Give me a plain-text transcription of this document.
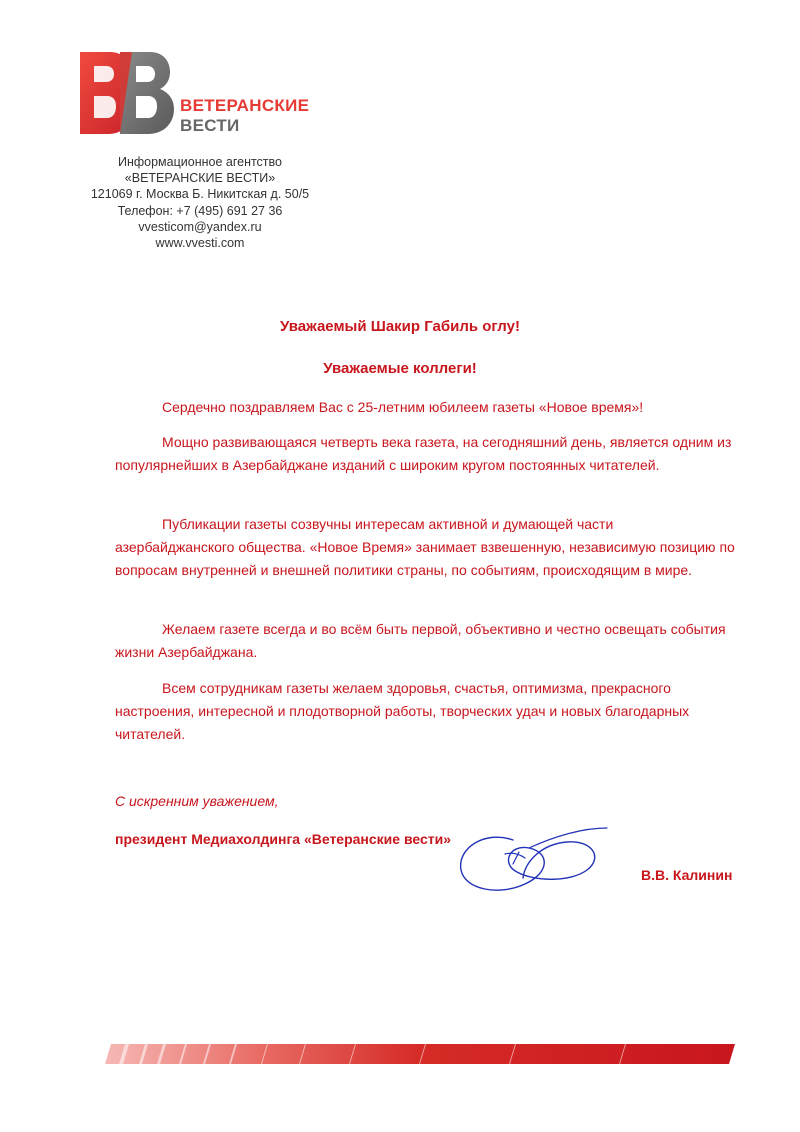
ВЕТЕРАНСКИЕ
ВЕСТИ
Информационное агентство
«ВЕТЕРАНСКИЕ ВЕСТИ»
121069 г. Москва Б. Никитская д. 50/5
Телефон: +7 (495) 691 27 36
vvesticom@yandex.ru
www.vvesti.com
Уважаемый Шакир Габиль оглу!
Уважаемые коллеги!

Сердечно поздравляем Вас с 25-летним юбилеем газеты «Новое время»!

Мощно развивающаяся четверть века газета, на сегодняшний день, является одним из популярнейших в Азербайджане изданий с широким кругом постоянных читателей.

Публикации газеты созвучны интересам активной и думающей части азербайджанского общества. «Новое Время» занимает взвешенную, независимую позицию по вопросам внутренней и внешней политики страны, по событиям, происходящим в мире.

Желаем газете всегда и во всём быть первой, объективно и честно освещать события жизни Азербайджана.

Всем сотрудникам газеты желаем здоровья, счастья, оптимизма, прекрасного настроения, интересной и плодотворной работы, творческих удач и новых благодарных читателей.

С искренним уважением,
президент Медиахолдинга «Ветеранские вести»
В.В. Калинин
